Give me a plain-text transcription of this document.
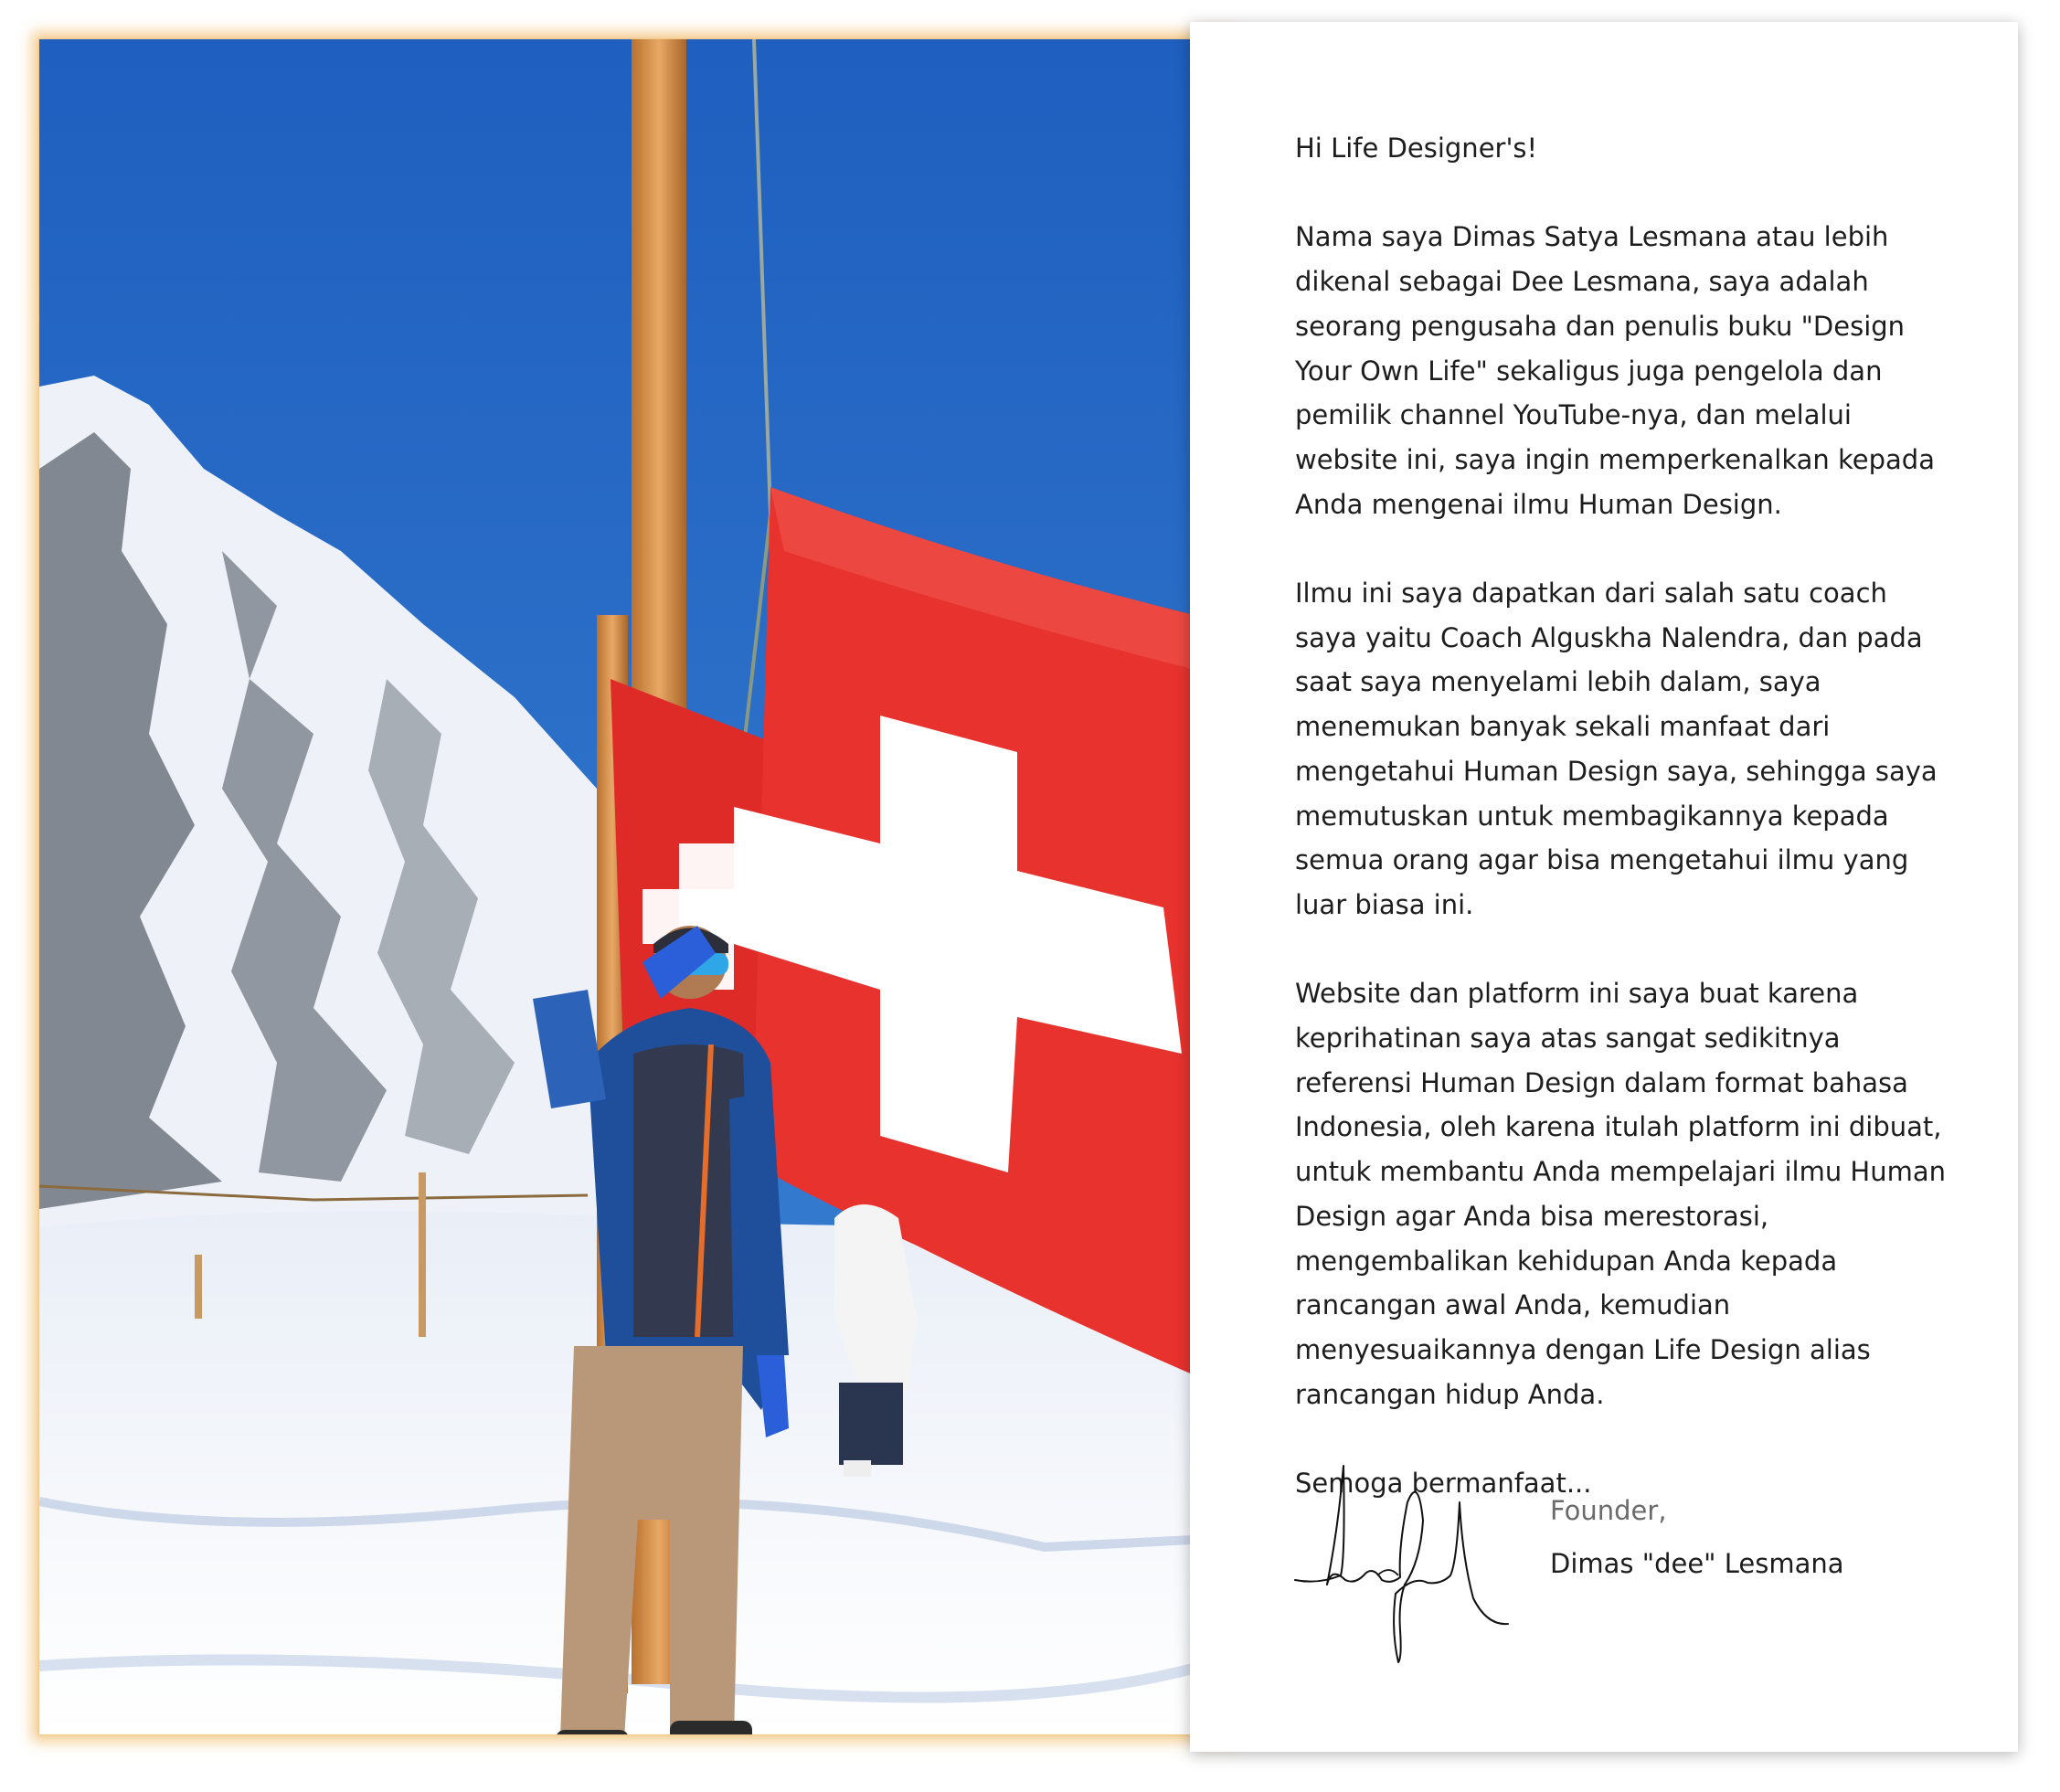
Hi Life Designer's!

Nama saya Dimas Satya Lesmana atau lebih dikenal sebagai Dee Lesmana, saya adalah seorang pengusaha dan penulis buku "Design Your Own Life" sekaligus juga pengelola dan pemilik channel YouTube-nya, dan melalui website ini, saya ingin memperkenalkan kepada Anda mengenai ilmu Human Design.

Ilmu ini saya dapatkan dari salah satu coach saya yaitu Coach Alguskha Nalendra, dan pada saat saya menyelami lebih dalam, saya menemukan banyak sekali manfaat dari mengetahui Human Design saya, sehingga saya memutuskan untuk membagikannya kepada semua orang agar bisa mengetahui ilmu yang luar biasa ini.

Website dan platform ini saya buat karena keprihatinan saya atas sangat sedikitnya referensi Human Design dalam format bahasa Indonesia, oleh karena itulah platform ini dibuat, untuk membantu Anda mempelajari ilmu Human Design agar Anda bisa merestorasi, mengembalikan kehidupan Anda kepada rancangan awal Anda, kemudian menyesuaikannya dengan Life Design alias rancangan hidup Anda.

Semoga bermanfaat...

Founder,
Dimas "dee" Lesmana
